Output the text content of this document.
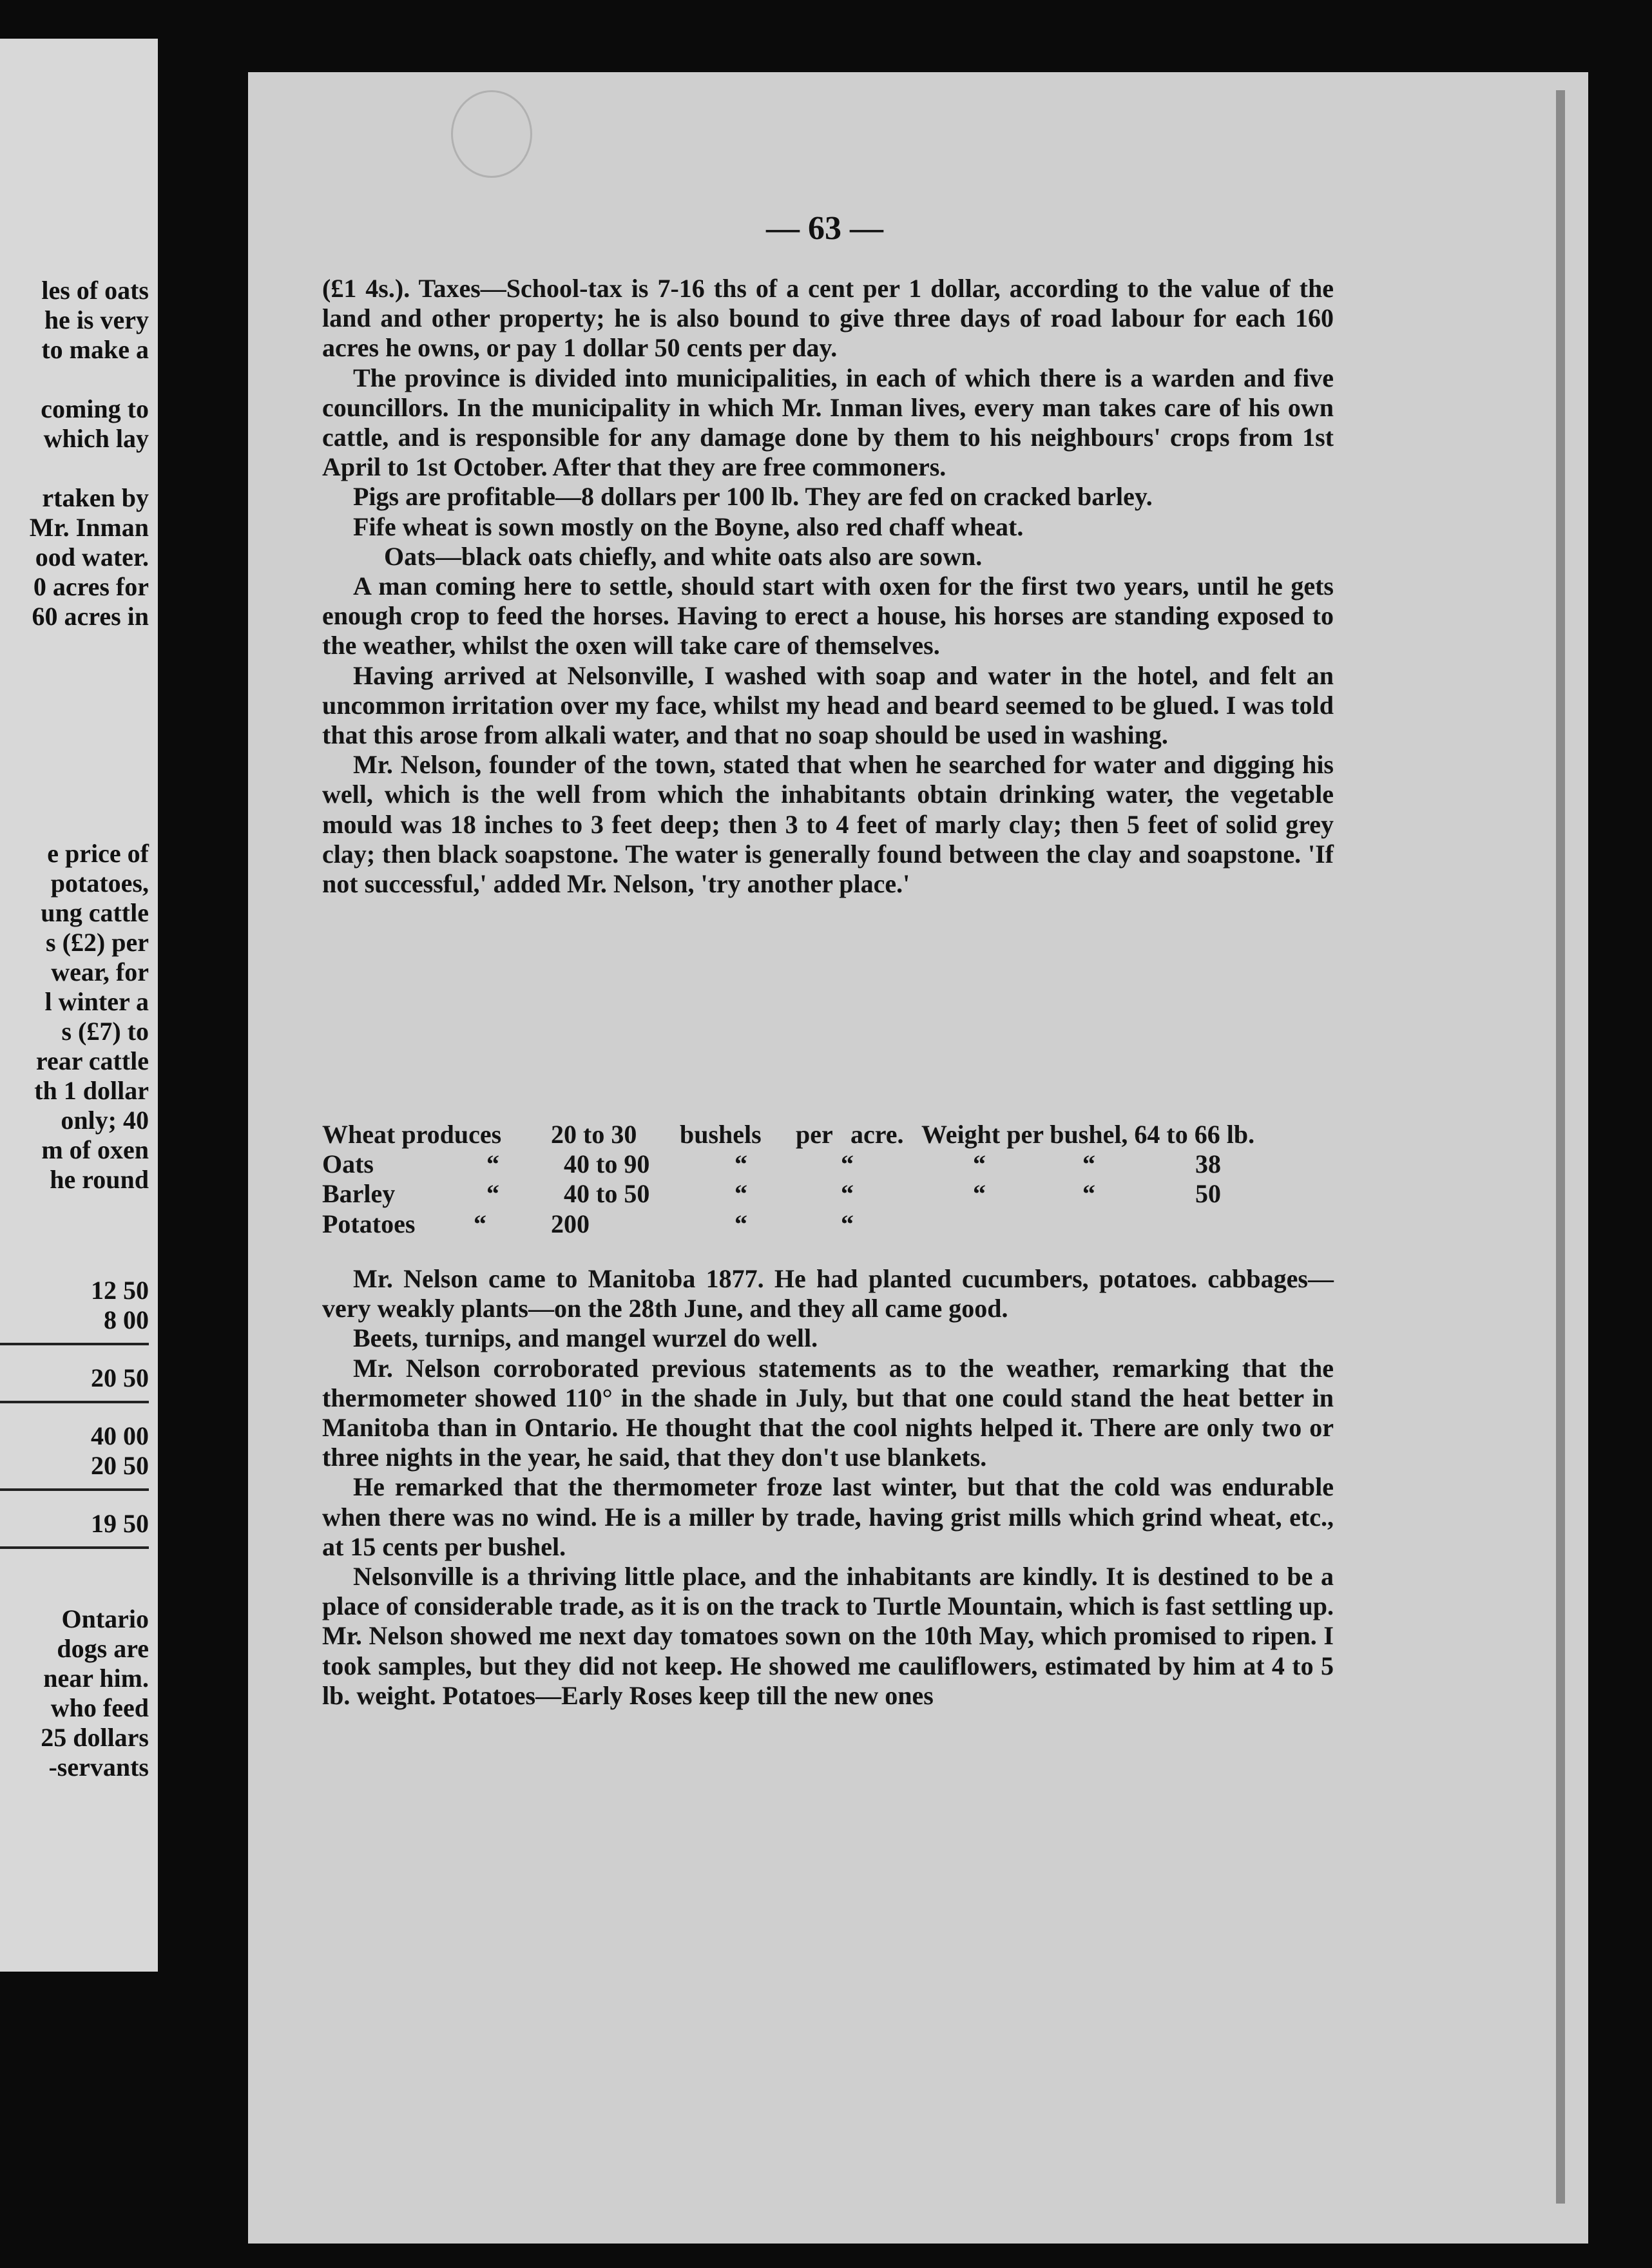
les of oats
he is very
to make a
coming to
which lay
rtaken by
Mr. Inman
ood water.
0 acres for
60 acres in
e price of
potatoes,
ung cattle
s (£2) per
wear, for
l winter a
s (£7) to
rear cattle
th 1 dollar
only; 40
m of oxen
he round
12 50
8 00
20 50
40 00
20 50
19 50
Ontario
dogs are
near him.
who feed
25 dollars
-servants
— 63 —

(£1 4s.). Taxes—School-tax is 7-16 ths of a cent per 1 dollar, according to the value of the land and other property; he is also bound to give three days of road labour for each 160 acres he owns, or pay 1 dollar 50 cents per day.

The province is divided into municipalities, in each of which there is a warden and five councillors. In the municipality in which Mr. Inman lives, every man takes care of his own cattle, and is responsible for any damage done by them to his neighbours' crops from 1st April to 1st October. After that they are free commoners.

Pigs are profitable—8 dollars per 100 lb. They are fed on cracked barley.

Fife wheat is sown mostly on the Boyne, also red chaff wheat.

Oats—black oats chiefly, and white oats also are sown.

A man coming here to settle, should start with oxen for the first two years, until he gets enough crop to feed the horses. Having to erect a house, his horses are standing exposed to the weather, whilst the oxen will take care of themselves.

Having arrived at Nelsonville, I washed with soap and water in the hotel, and felt an uncommon irritation over my face, whilst my head and beard seemed to be glued. I was told that this arose from alkali water, and that no soap should be used in washing.

Mr. Nelson, founder of the town, stated that when he searched for water and digging his well, which is the well from which the inhabitants obtain drinking water, the vegetable mould was 18 inches to 3 feet deep; then 3 to 4 feet of marly clay; then 5 feet of solid grey clay; then black soapstone. The water is generally found between the clay and soapstone. 'If not successful,' added Mr. Nelson, 'try another place.'

Wheat produces 20 to 30 bushels per acre. Weight per bushel, 64 to 66 lb.
Oats	“	40 to 90	“	“	“	“	38
Barley	“	40 to 50	“	“	“	“	50
Potatoes “	200	“	“

Mr. Nelson came to Manitoba 1877. He had planted cucumbers, potatoes. cabbages—very weakly plants—on the 28th June, and they all came good.

Beets, turnips, and mangel wurzel do well.

Mr. Nelson corroborated previous statements as to the weather, remarking that the thermometer showed 110° in the shade in July, but that one could stand the heat better in Manitoba than in Ontario. He thought that the cool nights helped it. There are only two or three nights in the year, he said, that they don't use blankets.

He remarked that the thermometer froze last winter, but that the cold was endurable when there was no wind. He is a miller by trade, having grist mills which grind wheat, etc., at 15 cents per bushel.

Nelsonville is a thriving little place, and the inhabitants are kindly. It is destined to be a place of considerable trade, as it is on the track to Turtle Mountain, which is fast settling up. Mr. Nelson showed me next day tomatoes sown on the 10th May, which promised to ripen. I took samples, but they did not keep. He showed me cauliflowers, estimated by him at 4 to 5 lb. weight. Potatoes—Early Roses keep till the new ones
